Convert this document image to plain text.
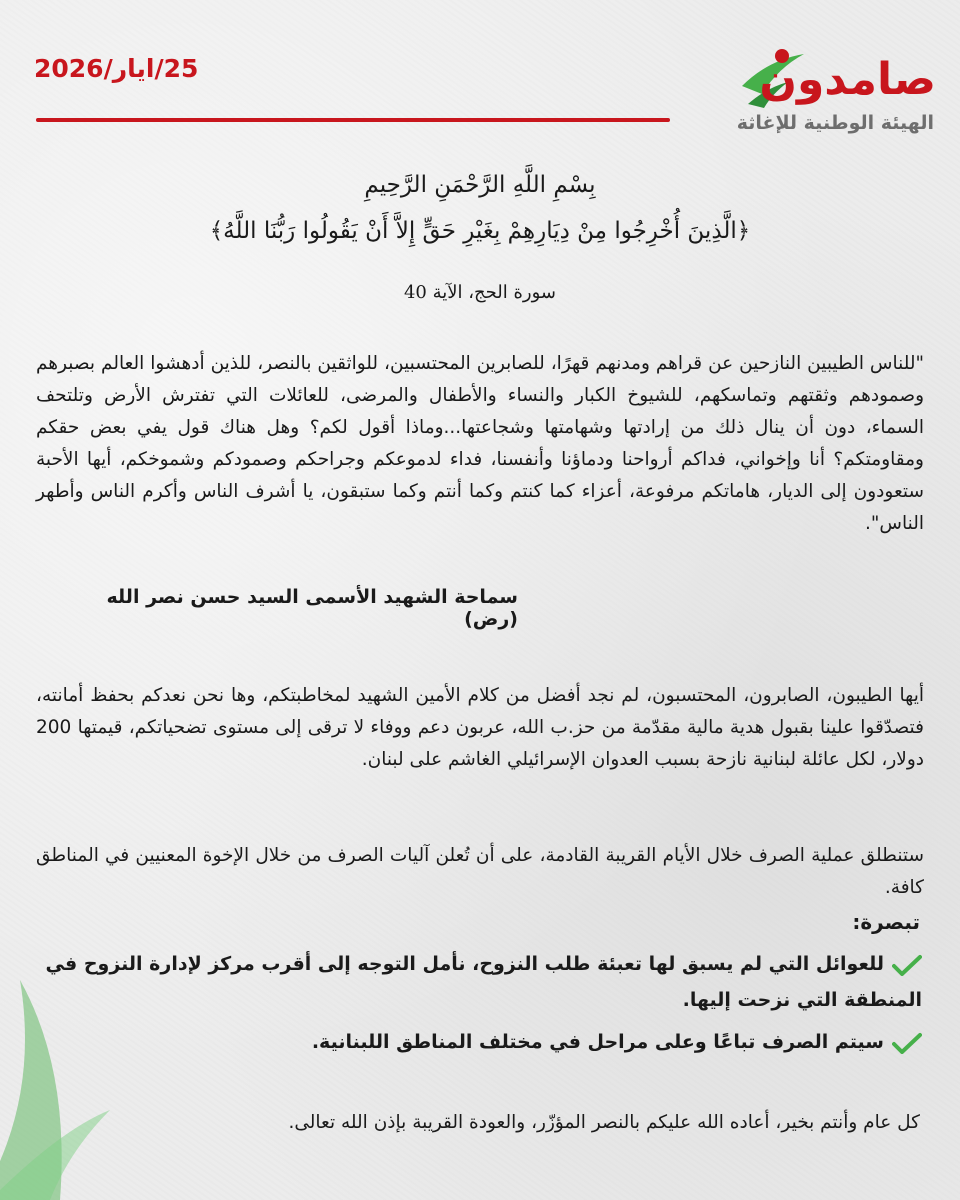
25/ايار/2026	صامدون
الهيئة الوطنية للإغاثة
بِسْمِ اللَّهِ الرَّحْمَنِ الرَّحِيمِ
﴿الَّذِينَ أُخْرِجُوا مِنْ دِيَارِهِمْ بِغَيْرِ حَقٍّ إِلاَّ أَنْ يَقُولُوا رَبُّنَا اللَّهُ﴾
سورة الحج، الآية 40

"للناس الطيبين النازحين عن قراهم ومدنهم قهرًا، للصابرين المحتسبين، للواثقين بالنصر، للذين أدهشوا العالم بصبرهم وصمودهم وثقتهم وتماسكهم، للشيوخ الكبار والنساء والأطفال والمرضى، للعائلات التي تفترش الأرض وتلتحف السماء، دون أن ينال ذلك من إرادتها وشهامتها وشجاعتها...وماذا أقول لكم؟ وهل هناك قول يفي بعض حقكم ومقاومتكم؟ أنا وإخواني، فداكم أرواحنا ودماؤنا وأنفسنا، فداء لدموعكم وجراحكم وصمودكم وشموخكم، أيها الأحبة ستعودون إلى الديار، هاماتكم مرفوعة، أعزاء كما كنتم وكما أنتم وكما ستبقون، يا أشرف الناس وأكرم الناس وأطهر الناس".

سماحة الشهيد الأسمى السيد حسن نصر الله (رض)

أيها الطيبون، الصابرون، المحتسبون، لم نجد أفضل من كلام الأمين الشهيد لمخاطبتكم، وها نحن نعدكم بحفظ أمانته، فتصدّقوا علينا بقبول هدية مالية مقدّمة من حز.ب الله، عربون دعم ووفاء لا ترقى إلى مستوى تضحياتكم، قيمتها 200 دولار، لكل عائلة لبنانية نازحة بسبب العدوان الإسرائيلي الغاشم على لبنان.

ستنطلق عملية الصرف خلال الأيام القريبة القادمة، على أن تُعلن آليات الصرف من خلال الإخوة المعنيين في المناطق كافة.

تبصرة:
للعوائل التي لم يسبق لها تعبئة طلب النزوح، نأمل التوجه إلى أقرب مركز لإدارة النزوح في المنطقة التي نزحت إليها.
سيتم الصرف تباعًا وعلى مراحل في مختلف المناطق اللبنانية.
كل عام وأنتم بخير، أعاده الله عليكم بالنصر المؤزّر، والعودة القريبة بإذن الله تعالى.
